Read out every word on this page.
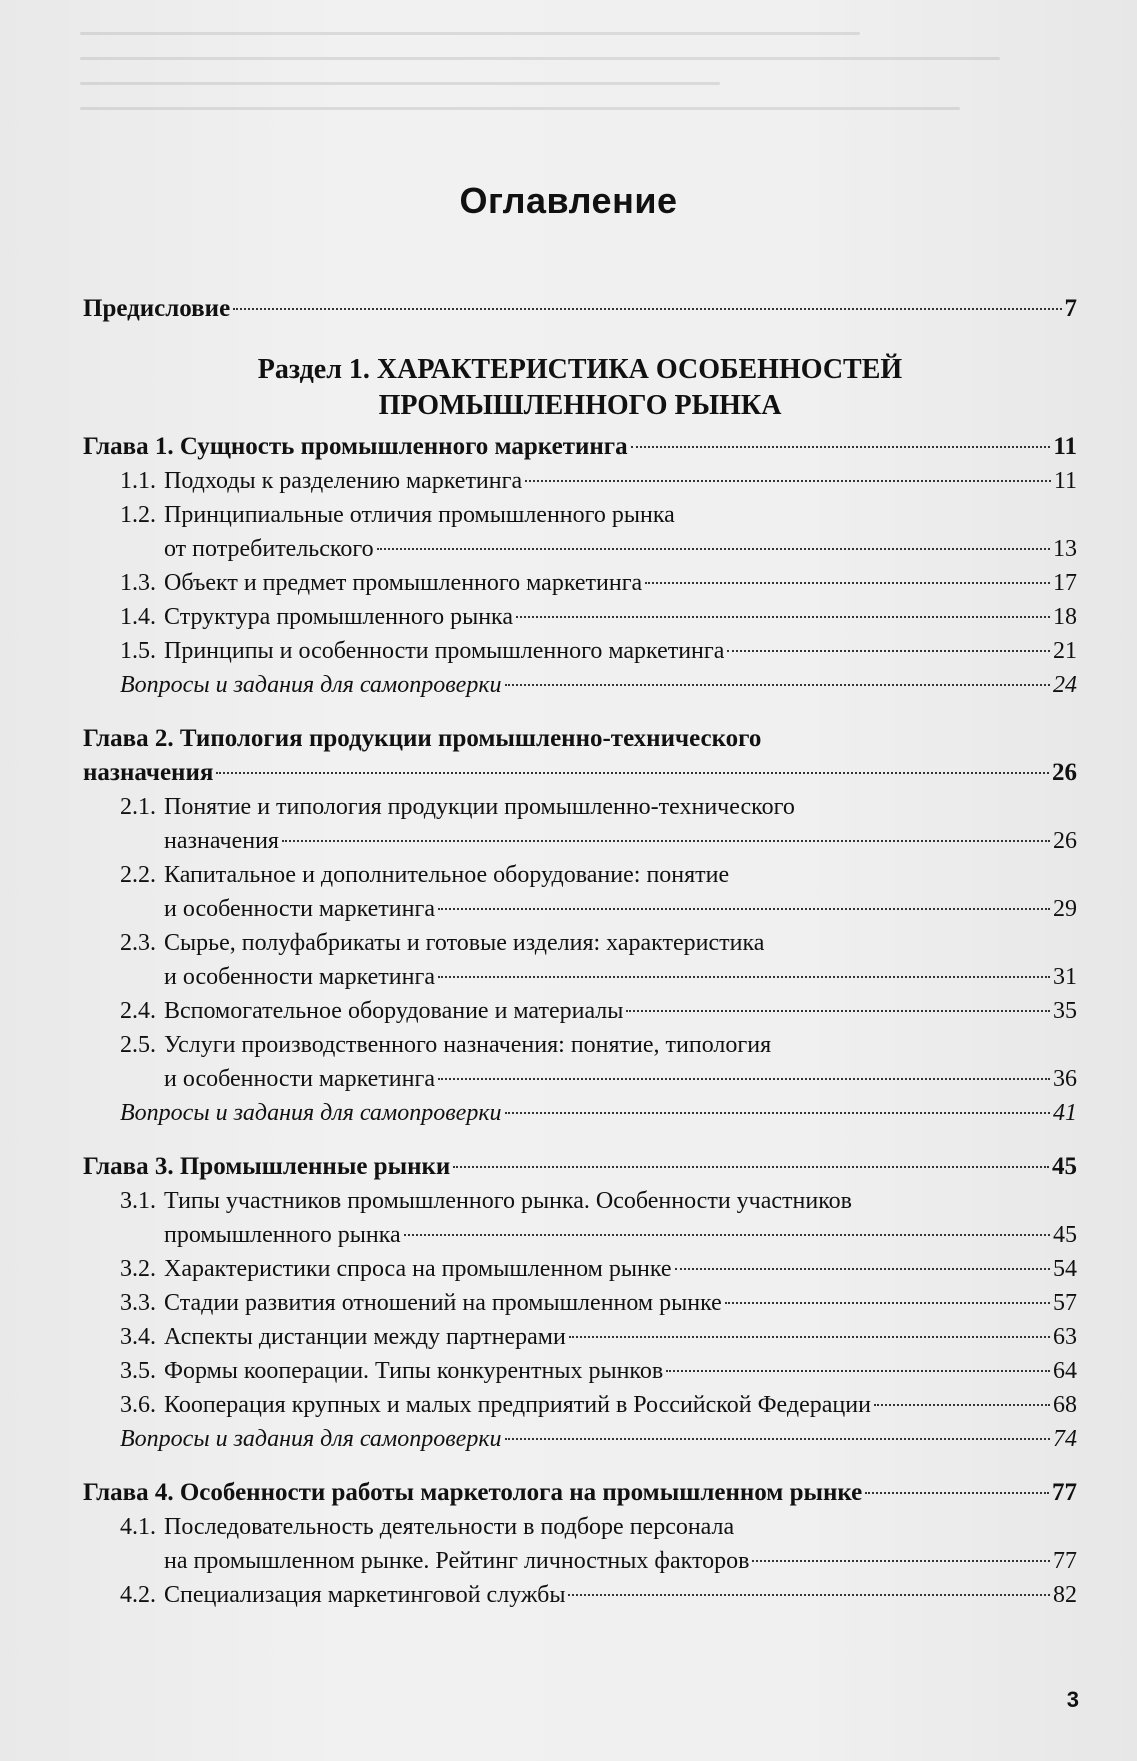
Оглавление
Предисловие	7
Раздел 1. ХАРАКТЕРИСТИКА ОСОБЕННОСТЕЙ
ПРОМЫШЛЕННОГО РЫНКА
Глава 1. Сущность промышленного маркетинга	11
1.1. Подходы к разделению маркетинга	11
1.2. Принципиальные отличия промышленного рынка
от потребительского	13
1.3. Объект и предмет промышленного маркетинга	17
1.4. Структура промышленного рынка	18
1.5. Принципы и особенности промышленного маркетинга	21
Вопросы и задания для самопроверки	24
Глава 2. Типология продукции промышленно-технического
назначения	26
2.1. Понятие и типология продукции промышленно-технического
назначения	26
2.2. Капитальное и дополнительное оборудование: понятие
и особенности маркетинга	29
2.3. Сырье, полуфабрикаты и готовые изделия: характеристика
и особенности маркетинга	31
2.4. Вспомогательное оборудование и материалы	35
2.5. Услуги производственного назначения: понятие, типология
и особенности маркетинга	36
Вопросы и задания для самопроверки	41
Глава 3. Промышленные рынки	45
3.1. Типы участников промышленного рынка. Особенности участников
промышленного рынка	45
3.2. Характеристики спроса на промышленном рынке	54
3.3. Стадии развития отношений на промышленном рынке	57
3.4. Аспекты дистанции между партнерами	63
3.5. Формы кооперации. Типы конкурентных рынков	64
3.6. Кооперация крупных и малых предприятий в Российской Федерации	68
Вопросы и задания для самопроверки	74
Глава 4. Особенности работы маркетолога на промышленном рынке	77
4.1. Последовательность деятельности в подборе персонала
на промышленном рынке. Рейтинг личностных факторов	77
4.2. Специализация маркетинговой службы	82
3
